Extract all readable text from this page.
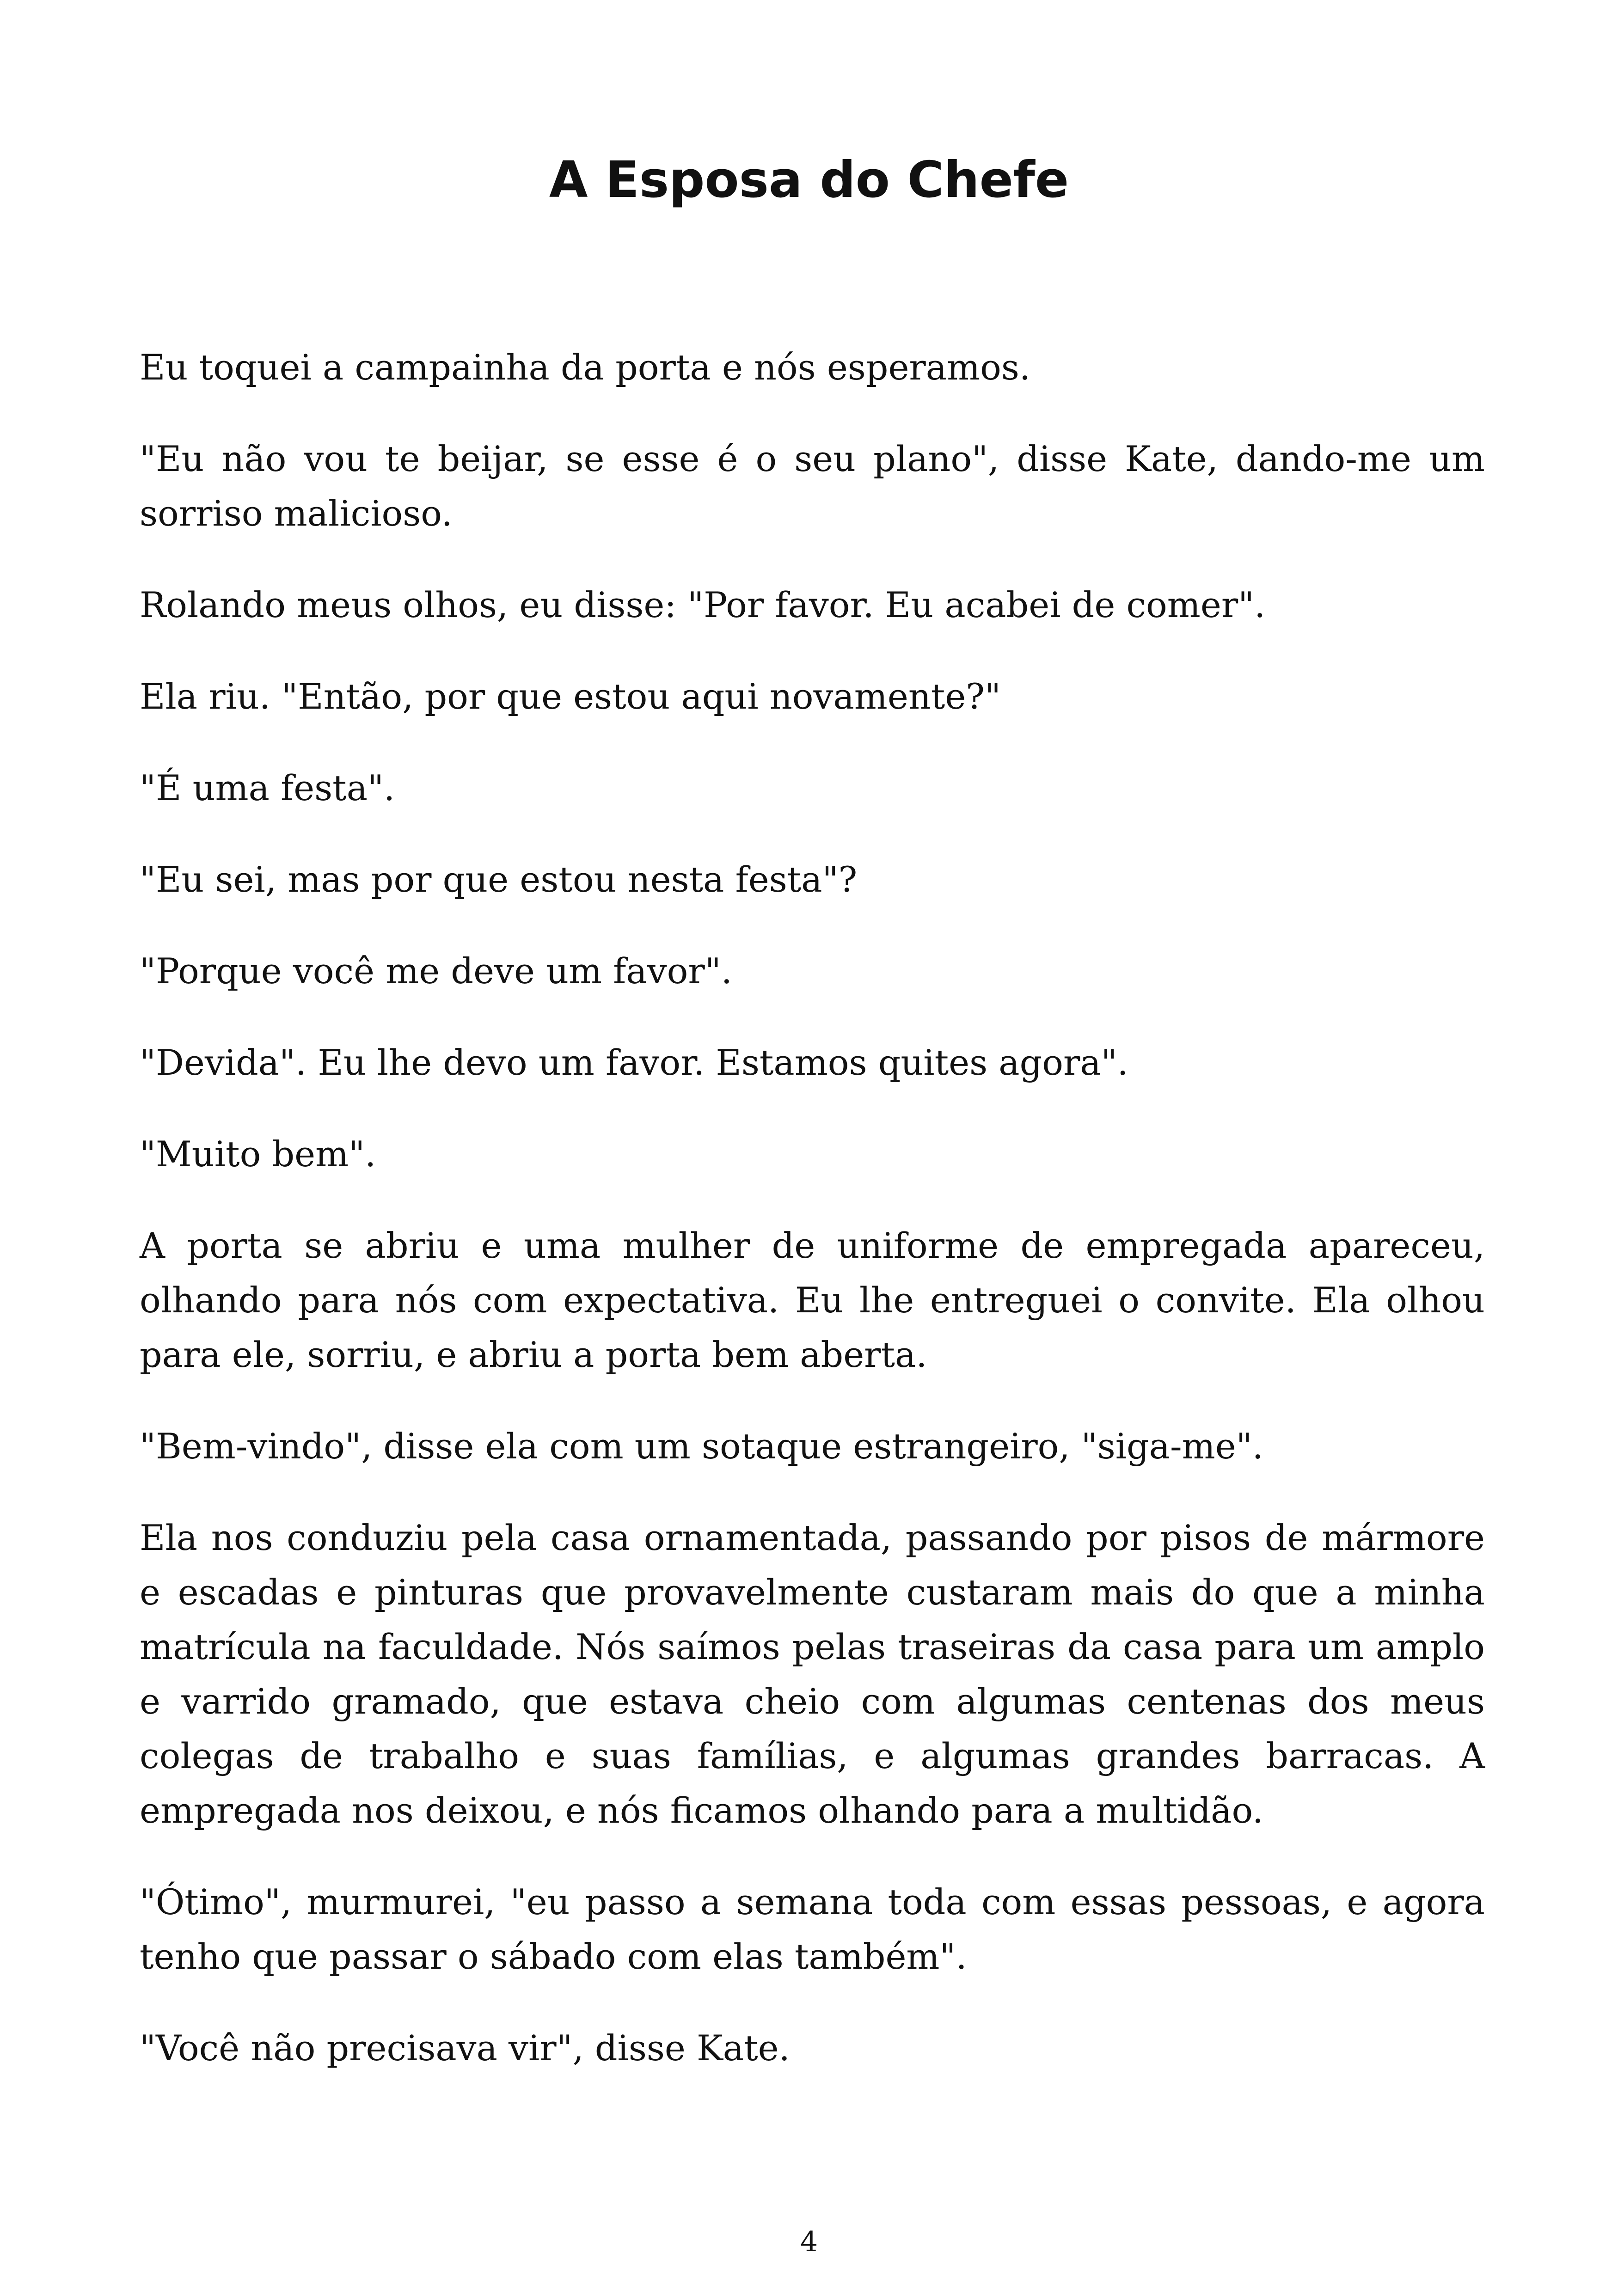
A Esposa do Chefe

Eu toquei a campainha da porta e nós esperamos.

"Eu não vou te beijar, se esse é o seu plano", disse Kate, dando-me um sorriso malicioso.

Rolando meus olhos, eu disse: "Por favor. Eu acabei de comer".

Ela riu. "Então, por que estou aqui novamente?"

"É uma festa".

"Eu sei, mas por que estou nesta festa"?

"Porque você me deve um favor".

"Devida". Eu lhe devo um favor. Estamos quites agora".

"Muito bem".

A porta se abriu e uma mulher de uniforme de empregada apareceu, olhando para nós com expectativa. Eu lhe entreguei o convite. Ela olhou para ele, sorriu, e abriu a porta bem aberta.

"Bem-vindo", disse ela com um sotaque estrangeiro, "siga-me".

Ela nos conduziu pela casa ornamentada, passando por pisos de mármore e escadas e pinturas que provavelmente custaram mais do que a minha matrícula na faculdade. Nós saímos pelas traseiras da casa para um amplo e varrido gramado, que estava cheio com algumas centenas dos meus colegas de trabalho e suas famílias, e algumas grandes barracas. A empregada nos deixou, e nós ficamos olhando para a multidão.

"Ótimo", murmurei, "eu passo a semana toda com essas pessoas, e agora tenho que passar o sábado com elas também".

"Você não precisava vir", disse Kate.

4
